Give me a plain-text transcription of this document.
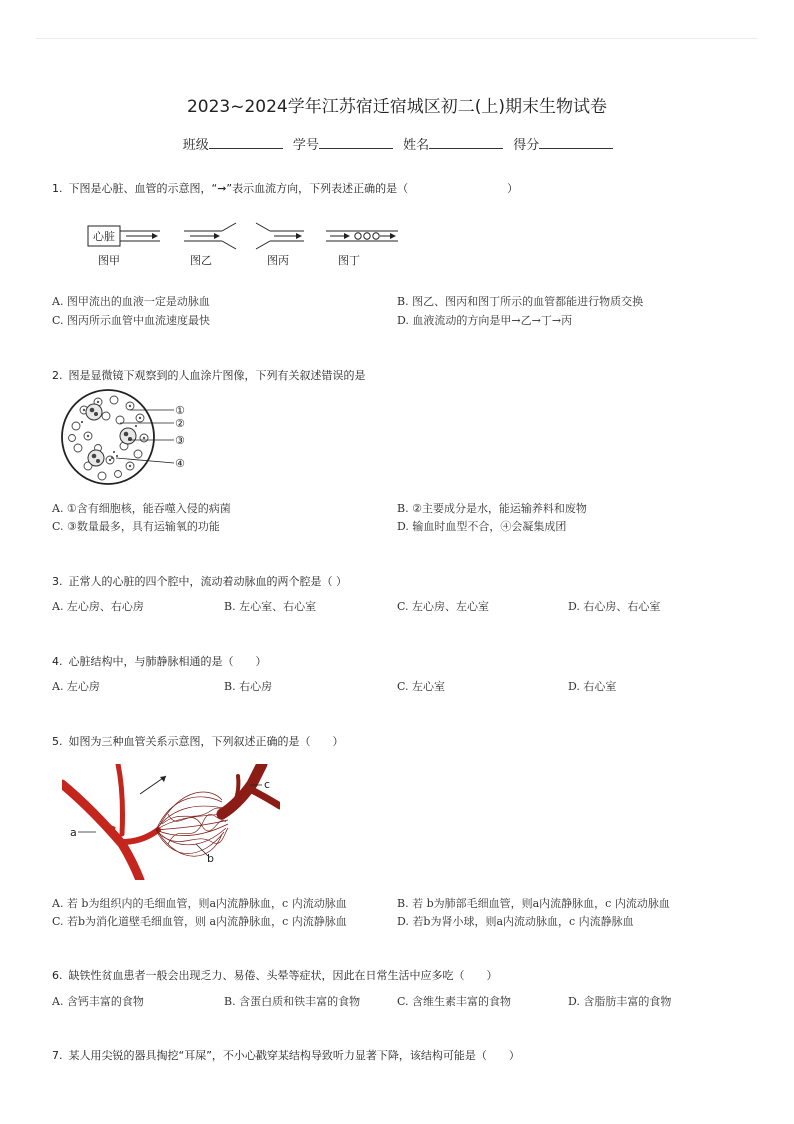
2023~2024学年江苏宿迁宿城区初二(上)期末生物试卷
班级	学号	姓名	得分
1. 下图是心脏、血管的示意图，“➞”表示血流方向，下列表述正确的是（　　　　　　　　　）
心脏
图甲	图乙	图丙	图丁
A. 图甲流出的血液一定是动脉血	B. 图乙、图丙和图丁所示的血管都能进行物质交换
C. 图丙所示血管中血流速度最快	D. 血液流动的方向是甲→乙→丁→丙
2. 图是显微镜下观察到的人血涂片图像，下列有关叙述错误的是
①
②
③
④
A. ①含有细胞核，能吞噬入侵的病菌	B. ②主要成分是水，能运输养料和废物
C. ③数量最多，具有运输氧的功能	D. 输血时血型不合，④会凝集成团
3. 正常人的心脏的四个腔中，流动着动脉血的两个腔是（ ）
A. 左心房、右心房	B. 左心室、右心室	C. 左心房、左心室	D. 右心房、右心室
4. 心脏结构中，与肺静脉相通的是（　　）
A. 左心房	B. 右心房	C. 左心室	D. 右心室
5. 如图为三种血管关系示意图，下列叙述正确的是（　　）
a
b
c
A. 若 b为组织内的毛细血管，则a内流静脉血，c 内流动脉血	B. 若 b为肺部毛细血管，则a内流静脉血，c 内流动脉血
C. 若b为消化道壁毛细血管，则 a内流静脉血，c 内流静脉血	D. 若b为肾小球，则a内流动脉血，c 内流静脉血
6. 缺铁性贫血患者一般会出现乏力、易倦、头晕等症状，因此在日常生活中应多吃（　　）
A. 含钙丰富的食物	B. 含蛋白质和铁丰富的食物	C. 含维生素丰富的食物	D. 含脂肪丰富的食物
7. 某人用尖锐的器具掏挖“耳屎”，不小心戳穿某结构导致听力显著下降，该结构可能是（　　）
